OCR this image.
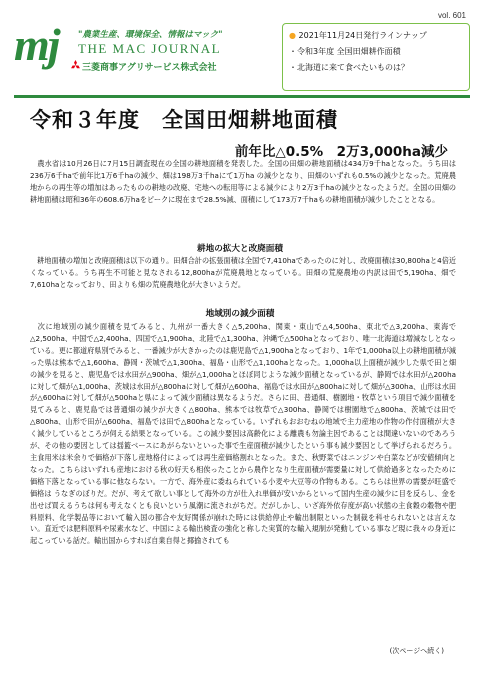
vol. 601
mj "農業生産、環境保全、情報はマック"
THE MAC JOURNAL
三菱商事アグリサービス株式会社
● 2021年11月24日発行ラインナップ
・令和3年度 全国田畑耕作面積
・北海道に来て食べたいものは？
令和３年度　全国田畑耕地面積
前年比△0.5%　2万3,000ha減少
　農水省は10月26日に7月15日調査現在の全国の耕地面積を発表した。全国の田畑の耕地面積は434万9千haとなった。うち田は236万6千haで前年比1万6千haの減少、畑は198万3千haにて1万ha の減少となり、田畑のいずれも0.5%の減少となった。荒廃農地からの再生等の増加はあったものの耕地の改廃、宅地への転用等による減少により2万3千haの減少となったようだ。全国の田畑の耕地面積は昭和36年の608.6万haをピークに現在まで28.5%減、面積にして173万7千haもの耕地面積が減少したこととなる。
耕地の拡大と改廃面積
　耕地面積の増加と改廃面積は以下の通り。田畑合計の拡張面積は全国で7,410haであったのに対し、改廃面積は30,800haと4倍近くなっている。うち再生不可能と見なされる12,800haが荒廃農地となっている。田畑の荒廃農地の内訳は田で5,190ha、畑で7,610haとなっており、田よりも畑の荒廃農地化が大きいようだ。
地域別の減少面積
　次に地域別の減少面積を見てみると、九州が一番大きく△5,200ha、関東・東山で△4,500ha、東北で△3,200ha、東海で△2,500ha、中国で△2,400ha、四国で△1,900ha、北陸で△1,300ha、沖縄で△500haとなっており、唯一北海道は増減なしとなっている。更に都道府県別でみると、一番減少が大きかったのは鹿児島で△1,900haとなっており、1年で1,000ha以上の耕地面積が減った県は熊本で△1,600ha、静岡・茨城で△1,300ha、福島・山形で△1,100haとなった。1,000ha以上面積が減少した県で田と畑の減少を見ると、鹿児島では水田が△900ha、畑が△1,000haとほぼ同じような減少面積となっているが、静岡では水田が△200haに対して畑が△1,000ha、茨城は水田が△800haに対して畑が△600ha、福島では水田が△800haに対して畑が△300ha、山形は水田が△600haに対して畑が△500haと県によって減少面積は異なるようだ。さらに田、普通畑、樹園地・牧草という項目で減少面積を見てみると、鹿児島では普通畑の減少が大きく△800ha、熊本では牧草で△300ha、静岡では樹園地で△800ha、茨城では田で△800ha、山形で田が△600ha、福島では田で△800haとなっている。いずれもおおむねの地域で主力産地の作物の作付面積が大きく減少しているところが伺える結果となっている。この減少要因は高齢化による離農も勿論主因であることは間違いないのであろうが、その他の要因としては揺籃ベースにあがらないといった事で生産面積が減少したという事も減少要因として挙げられるだろう。主食用米は米余りで価格が下落し産地格付によっては再生産価格割れとなった。また、秋野菜ではニンジンや白菜などが安値傾向となった。こちらはいずれも産地における秋の好天も相俟ったことから農作となり生産面積が需要量に対して供給過多となったために価格下落となっている事に他ならない。一方で、海外産に委ねられている小麦や大豆等の作物もある。こちらは世界の需要が旺盛で価格は うなぎのぼりだ。だが、考えて欲しい事として海外の方が仕入れ単価が安いからといって国内生産の減少に目を反らし、金を出せば買えるうちは何も考えなくとも良いという風潮に流されがちだ。だがしかし、いざ海外依存度が高い状態の主食穀の穀物や肥料原料、化学製品等において輸入国の都合や友好関係が崩れた時には供給停止や輸出制限といった制裁を科せられないとは言えない。直近では肥料原料や尿素水など、中国による輸出検査の強化と称した実質的な輸入規制が発動している事など現に我々の身近に起こっている話だ。輸出国からすれば自業自得と揶揄されても
(次ページへ続く)
